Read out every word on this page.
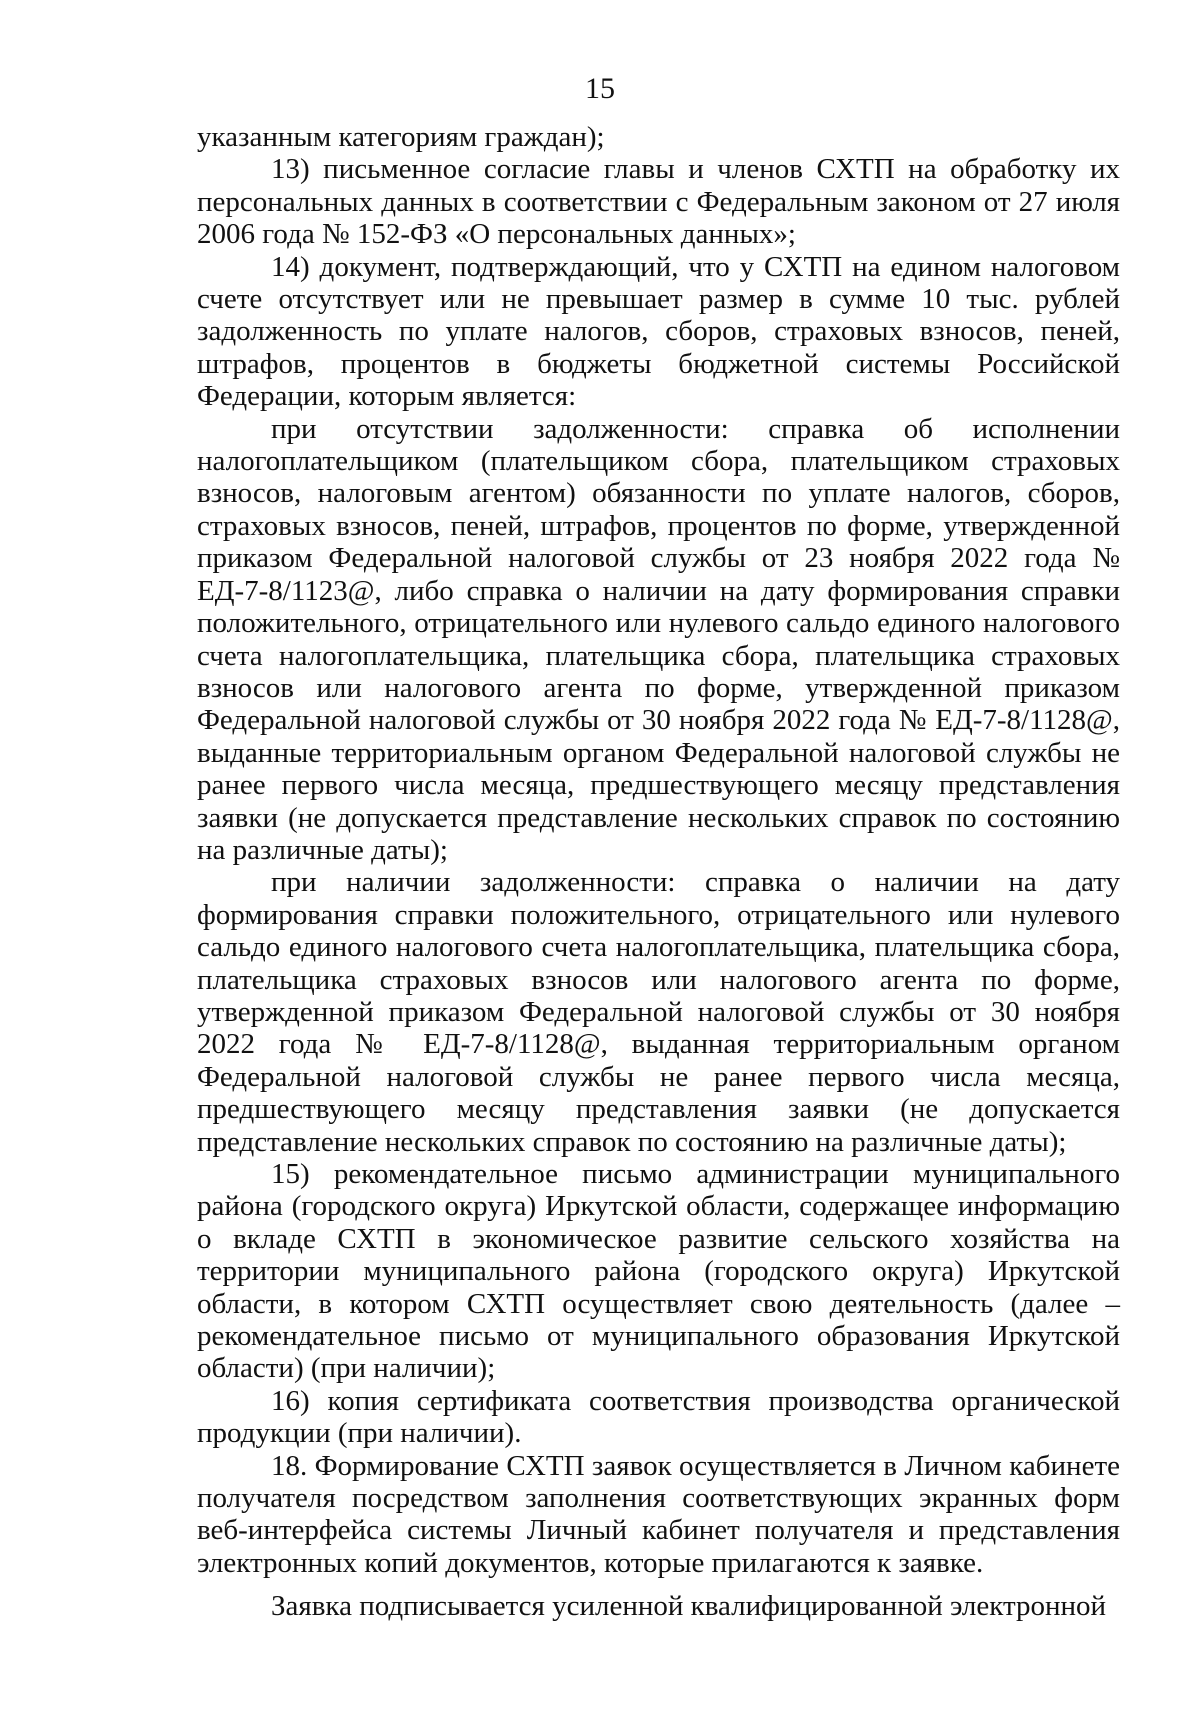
15

указанным категориям граждан);

13) письменное согласие главы и членов СХТП на обработку их персональных данных в соответствии с Федеральным законом от 27 июля 2006 года № 152-ФЗ «О персональных данных»;

14) документ, подтверждающий, что у СХТП на едином налоговом счете отсутствует или не превышает размер в сумме 10 тыс. рублей задолженность по уплате налогов, сборов, страховых взносов, пеней, штрафов, процентов в бюджеты бюджетной системы Российской Федерации, которым является:

при отсутствии задолженности: справка об исполнении налогоплательщиком (плательщиком сбора, плательщиком страховых взносов, налоговым агентом) обязанности по уплате налогов, сборов, страховых взносов, пеней, штрафов, процентов по форме, утвержденной приказом Федеральной налоговой службы от 23 ноября 2022 года № ЕД-7-8/1123@, либо справка о наличии на дату формирования справки положительного, отрицательного или нулевого сальдо единого налогового счета налогоплательщика, плательщика сбора, плательщика страховых взносов или налогового агента по форме, утвержденной приказом Федеральной налоговой службы от 30 ноября 2022 года № ЕД-7-8/1128@, выданные территориальным органом Федеральной налоговой службы не ранее первого числа месяца, предшествующего месяцу представления заявки (не допускается представление нескольких справок по состоянию на различные даты);

при наличии задолженности: справка о наличии на дату формирования справки положительного, отрицательного или нулевого сальдо единого налогового счета налогоплательщика, плательщика сбора, плательщика страховых взносов или налогового агента по форме, утвержденной приказом Федеральной налоговой службы от 30 ноября 2022 года № ЕД-7-8/1128@, выданная территориальным органом Федеральной налоговой службы не ранее первого числа месяца, предшествующего месяцу представления заявки (не допускается представление нескольких справок по состоянию на различные даты);

15) рекомендательное письмо администрации муниципального района (городского округа) Иркутской области, содержащее информацию о вкладе СХТП в экономическое развитие сельского хозяйства на территории муниципального района (городского округа) Иркутской области, в котором СХТП осуществляет свою деятельность (далее – рекомендательное письмо от муниципального образования Иркутской области) (при наличии);

16) копия сертификата соответствия производства органической продукции (при наличии).

18. Формирование СХТП заявок осуществляется в Личном кабинете получателя посредством заполнения соответствующих экранных форм веб-интерфейса системы Личный кабинет получателя и представления электронных копий документов, которые прилагаются к заявке.

Заявка подписывается усиленной квалифицированной электронной
